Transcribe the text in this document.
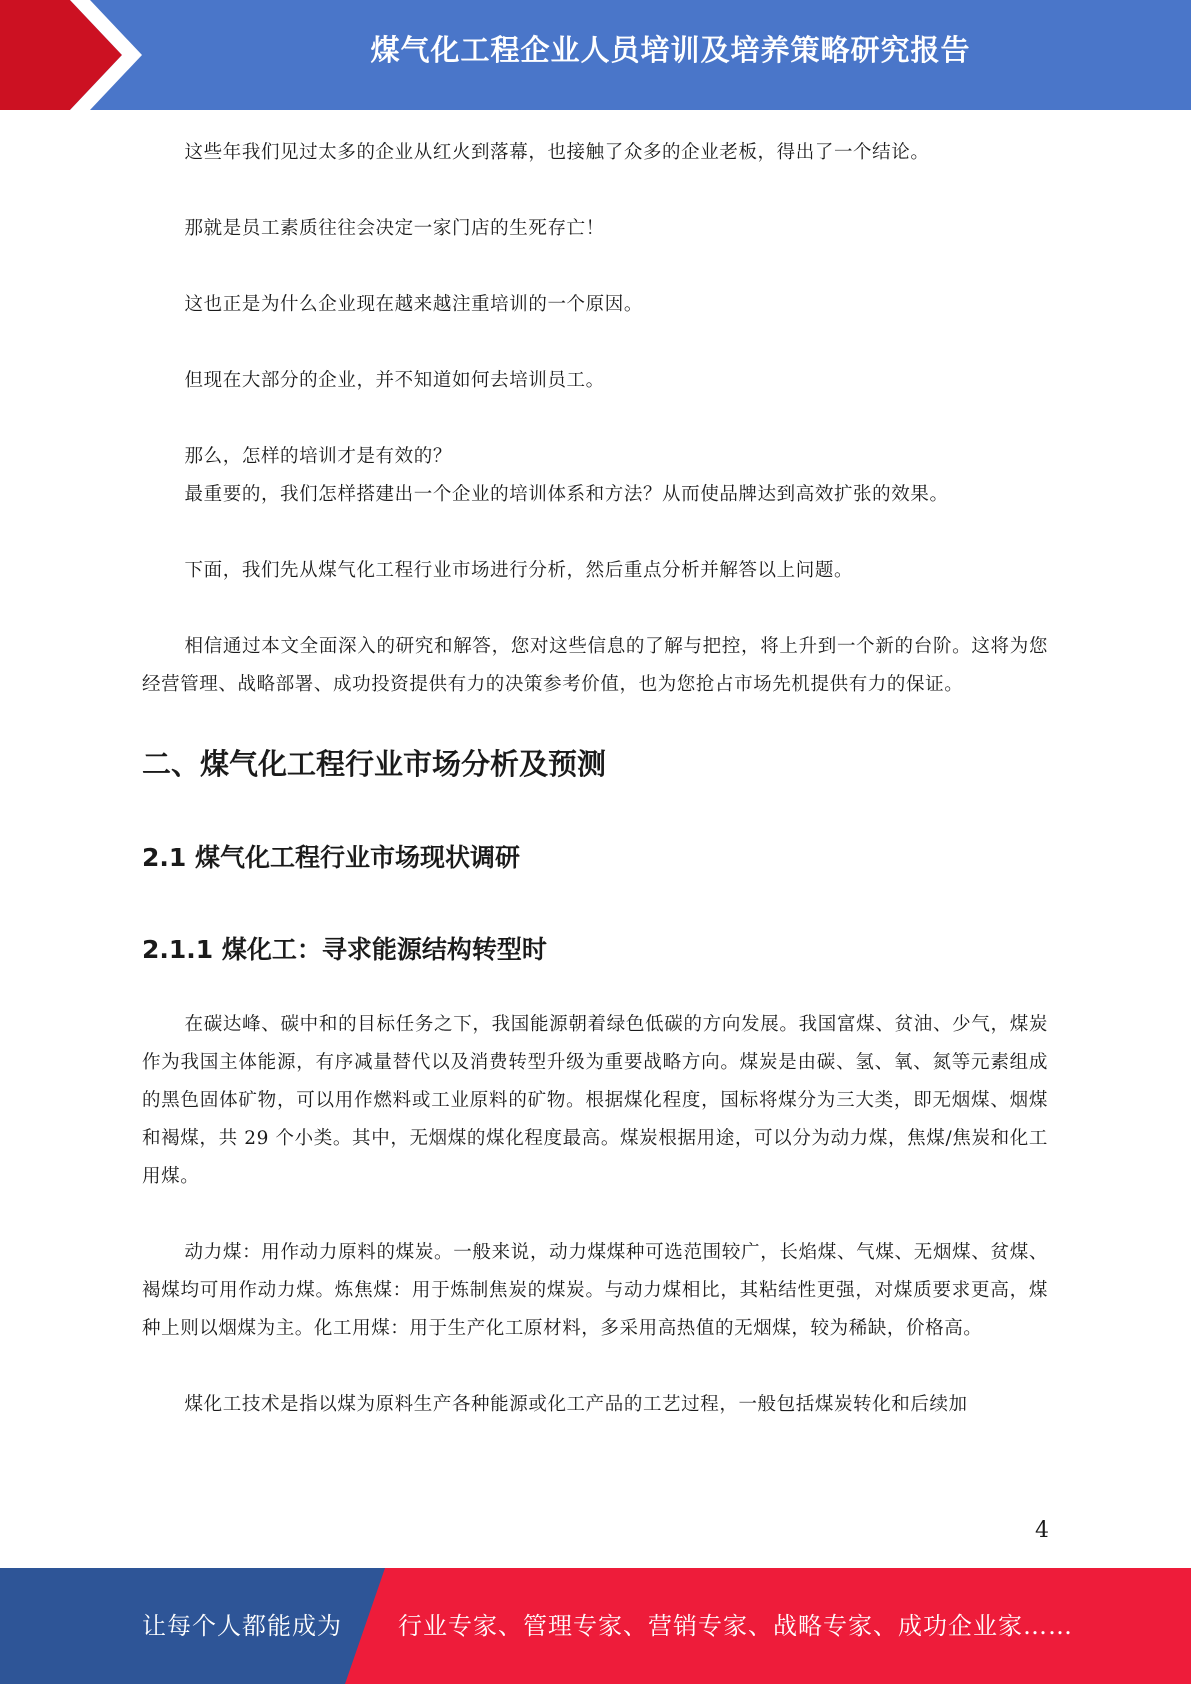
煤气化工程企业人员培训及培养策略研究报告

这些年我们见过太多的企业从红火到落幕，也接触了众多的企业老板，得出了一个结论。

那就是员工素质往往会决定一家门店的生死存亡！

这也正是为什么企业现在越来越注重培训的一个原因。

但现在大部分的企业，并不知道如何去培训员工。

那么，怎样的培训才是有效的？

最重要的，我们怎样搭建出一个企业的培训体系和方法？从而使品牌达到高效扩张的效果。

下面，我们先从煤气化工程行业市场进行分析，然后重点分析并解答以上问题。

相信通过本文全面深入的研究和解答，您对这些信息的了解与把控，将上升到一个新的台阶。这将为您经营管理、战略部署、成功投资提供有力的决策参考价值，也为您抢占市场先机提供有力的保证。

二、煤气化工程行业市场分析及预测
2.1 煤气化工程行业市场现状调研
2.1.1 煤化工：寻求能源结构转型时

在碳达峰、碳中和的目标任务之下，我国能源朝着绿色低碳的方向发展。我国富煤、贫油、少气，煤炭作为我国主体能源，有序减量替代以及消费转型升级为重要战略方向。煤炭是由碳、氢、氧、氮等元素组成的黑色固体矿物，可以用作燃料或工业原料的矿物。根据煤化程度，国标将煤分为三大类，即无烟煤、烟煤和褐煤，共 29 个小类。其中，无烟煤的煤化程度最高。煤炭根据用途，可以分为动力煤，焦煤/焦炭和化工用煤。

动力煤：用作动力原料的煤炭。一般来说，动力煤煤种可选范围较广，长焰煤、气煤、无烟煤、贫煤、褐煤均可用作动力煤。炼焦煤：用于炼制焦炭的煤炭。与动力煤相比，其粘结性更强，对煤质要求更高，煤种上则以烟煤为主。化工用煤：用于生产化工原材料，多采用高热值的无烟煤，较为稀缺，价格高。

煤化工技术是指以煤为原料生产各种能源或化工产品的工艺过程，一般包括煤炭转化和后续加

4
让每个人都能成为 行业专家、管理专家、营销专家、战略专家、成功企业家……
